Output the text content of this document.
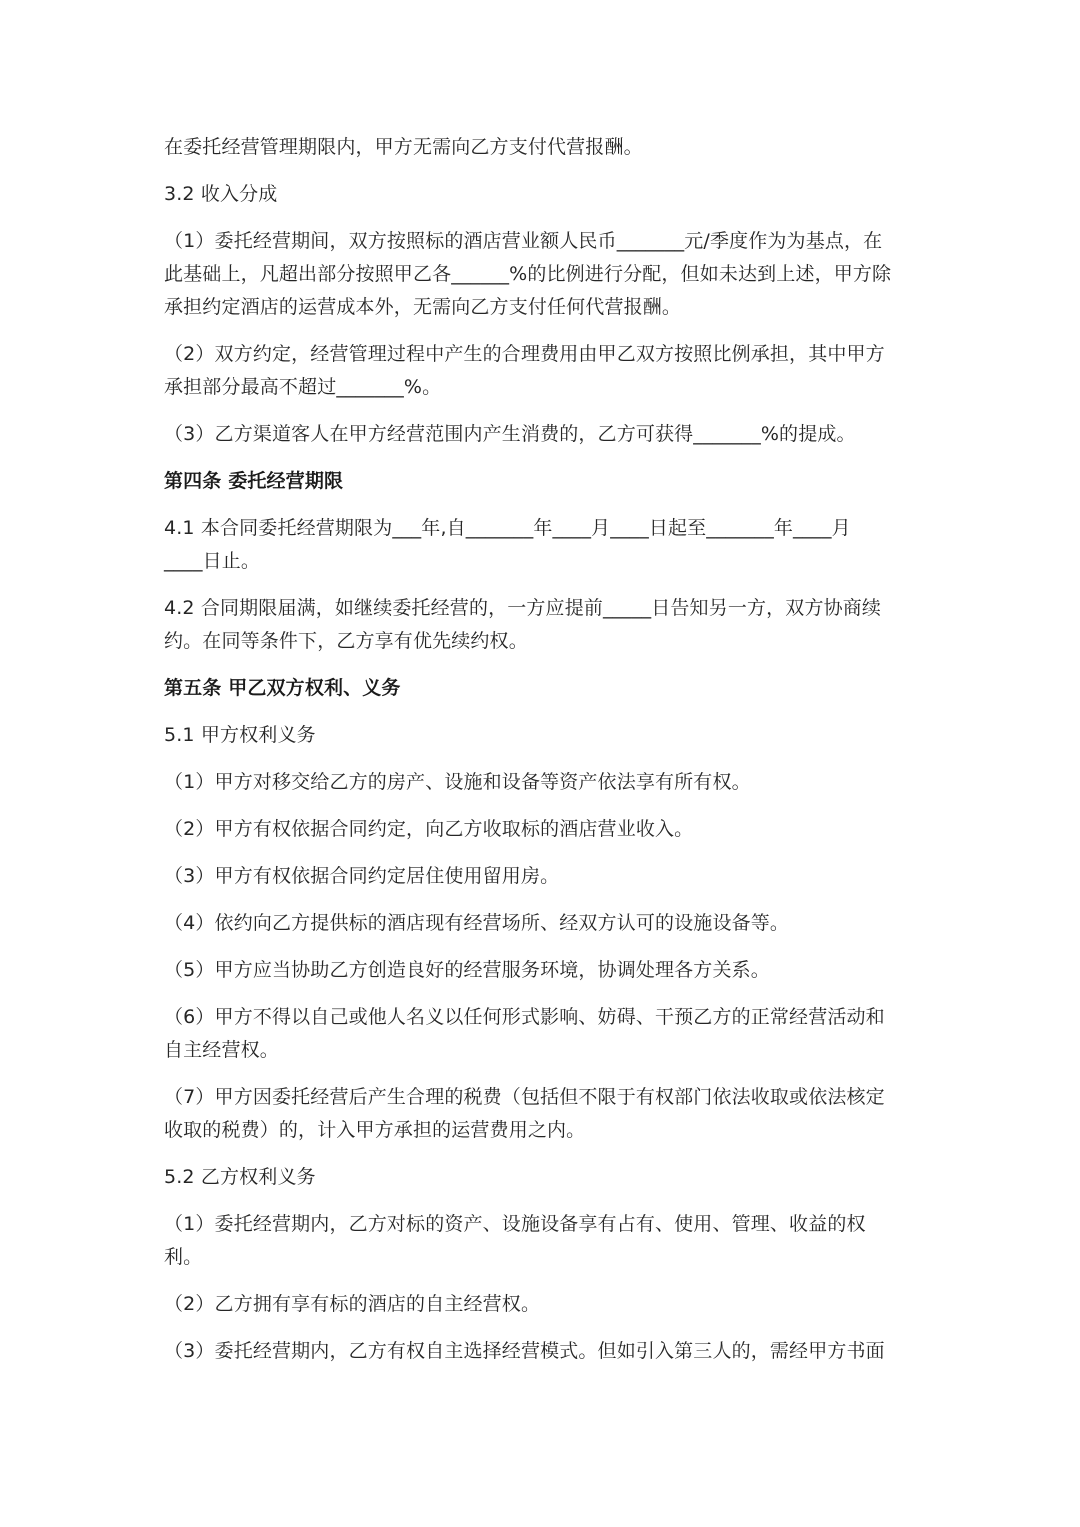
在委托经营管理期限内，甲方无需向乙方支付代营报酬。
3.2 收入分成
（1）委托经营期间，双方按照标的酒店营业额人民币_______元/季度作为为基点，在
此基础上，凡超出部分按照甲乙各______%的比例进行分配，但如未达到上述，甲方除
承担约定酒店的运营成本外，无需向乙方支付任何代营报酬。
（2）双方约定，经营管理过程中产生的合理费用由甲乙双方按照比例承担，其中甲方
承担部分最高不超过_______%。
（3）乙方渠道客人在甲方经营范围内产生消费的，乙方可获得_______%的提成。
第四条 委托经营期限
4.1 本合同委托经营期限为___年,自_______年____月____日起至_______年____月
____日止。
4.2 合同期限届满，如继续委托经营的，一方应提前_____日告知另一方，双方协商续
约。在同等条件下，乙方享有优先续约权。
第五条 甲乙双方权利、义务
5.1 甲方权利义务
（1）甲方对移交给乙方的房产、设施和设备等资产依法享有所有权。
（2）甲方有权依据合同约定，向乙方收取标的酒店营业收入。
（3）甲方有权依据合同约定居住使用留用房。
（4）依约向乙方提供标的酒店现有经营场所、经双方认可的设施设备等。
（5）甲方应当协助乙方创造良好的经营服务环境，协调处理各方关系。
（6）甲方不得以自己或他人名义以任何形式影响、妨碍、干预乙方的正常经营活动和
自主经营权。
（7）甲方因委托经营后产生合理的税费（包括但不限于有权部门依法收取或依法核定
收取的税费）的，计入甲方承担的运营费用之内。
5.2 乙方权利义务
（1）委托经营期内，乙方对标的资产、设施设备享有占有、使用、管理、收益的权
利。
（2）乙方拥有享有标的酒店的自主经营权。
（3）委托经营期内，乙方有权自主选择经营模式。但如引入第三人的，需经甲方书面
